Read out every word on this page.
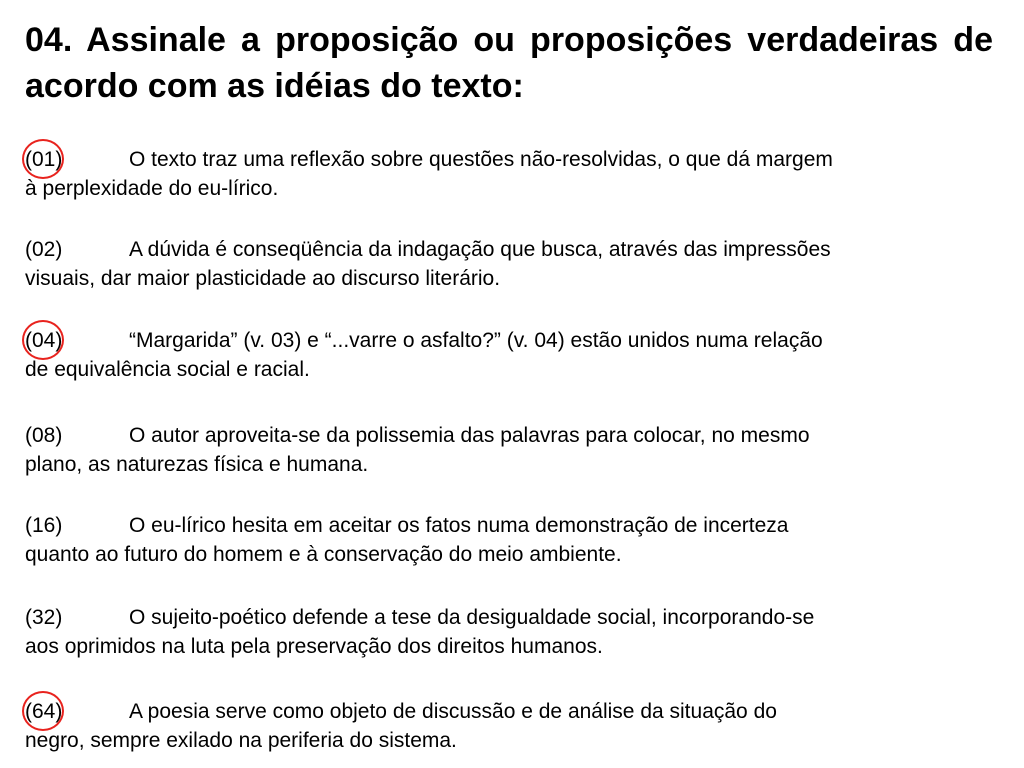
04. Assinale a proposição ou proposições verdadeiras de acordo com as idéias do texto:
(01)	O texto traz uma reflexão sobre questões não-resolvidas, o que dá margem
à perplexidade do eu-lírico.
(02)	A dúvida é conseqüência da indagação que busca, através das impressões
visuais, dar maior plasticidade ao discurso literário.
(04)	“Margarida” (v. 03) e “...varre o asfalto?” (v. 04) estão unidos numa relação
de equivalência social e racial.
(08)	O autor aproveita-se da polissemia das palavras para colocar, no mesmo
plano, as naturezas física e humana.
(16)	O eu-lírico hesita em aceitar os fatos numa demonstração de incerteza
quanto ao futuro do homem e à conservação do meio ambiente.
(32)	O sujeito-poético defende a tese da desigualdade social, incorporando-se
aos oprimidos na luta pela preservação dos direitos humanos.
(64)	A poesia serve como objeto de discussão e de análise da situação do
negro, sempre exilado na periferia do sistema.
